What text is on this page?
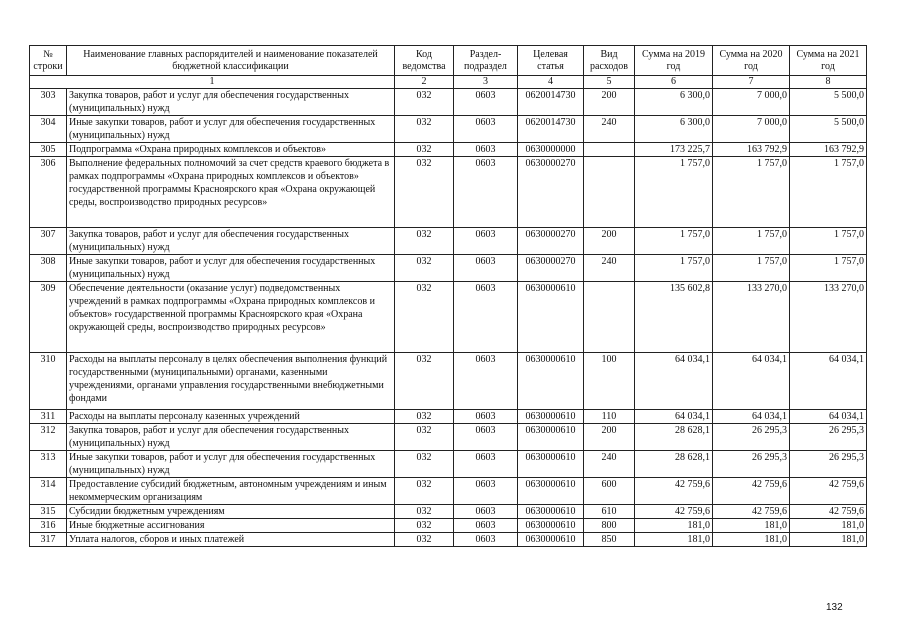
№ строки	Наименование главных распорядителей и наименование показателей бюджетной классификации	Код ведомства	Раздел- подраздел	Целевая статья	Вид расходов	Сумма на 2019 год	Сумма на 2020 год	Сумма на 2021 год
1		2	3	4	5	6	7	8
303	Закупка товаров, работ и услуг для обеспечения государственных (муниципальных) нужд	032	0603	0620014730	200	6 300,0	7 000,0	5 500,0
304	Иные закупки товаров, работ и услуг для обеспечения государственных (муниципальных) нужд	032	0603	0620014730	240	6 300,0	7 000,0	5 500,0
305	Подпрограмма «Охрана природных комплексов и объектов»	032	0603	0630000000		173 225,7	163 792,9	163 792,9
306	Выполнение федеральных полномочий за счет средств краевого бюджета в рамках подпрограммы «Охрана природных комплексов и объектов» государственной программы Красноярского края «Охрана окружающей среды, воспроизводство природных ресурсов»	032	0603	0630000270		1 757,0	1 757,0	1 757,0
307	Закупка товаров, работ и услуг для обеспечения государственных (муниципальных) нужд	032	0603	0630000270	200	1 757,0	1 757,0	1 757,0
308	Иные закупки товаров, работ и услуг для обеспечения государственных (муниципальных) нужд	032	0603	0630000270	240	1 757,0	1 757,0	1 757,0
309	Обеспечение деятельности (оказание услуг) подведомственных учреждений в рамках подпрограммы «Охрана природных комплексов и объектов» государственной программы Красноярского края «Охрана окружающей среды, воспроизводство природных ресурсов»	032	0603	0630000610		135 602,8	133 270,0	133 270,0
310	Расходы на выплаты персоналу в целях обеспечения выполнения функций государственными (муниципальными) органами, казенными учреждениями, органами управления государственными внебюджетными фондами	032	0603	0630000610	100	64 034,1	64 034,1	64 034,1
311	Расходы на выплаты персоналу казенных учреждений	032	0603	0630000610	110	64 034,1	64 034,1	64 034,1
312	Закупка товаров, работ и услуг для обеспечения государственных (муниципальных) нужд	032	0603	0630000610	200	28 628,1	26 295,3	26 295,3
313	Иные закупки товаров, работ и услуг для обеспечения государственных (муниципальных) нужд	032	0603	0630000610	240	28 628,1	26 295,3	26 295,3
314	Предоставление субсидий бюджетным, автономным учреждениям и иным некоммерческим организациям	032	0603	0630000610	600	42 759,6	42 759,6	42 759,6
315	Субсидии бюджетным учреждениям	032	0603	0630000610	610	42 759,6	42 759,6	42 759,6
316	Иные бюджетные ассигнования	032	0603	0630000610	800	181,0	181,0	181,0
317	Уплата налогов, сборов и иных платежей	032	0603	0630000610	850	181,0	181,0	181,0
132
